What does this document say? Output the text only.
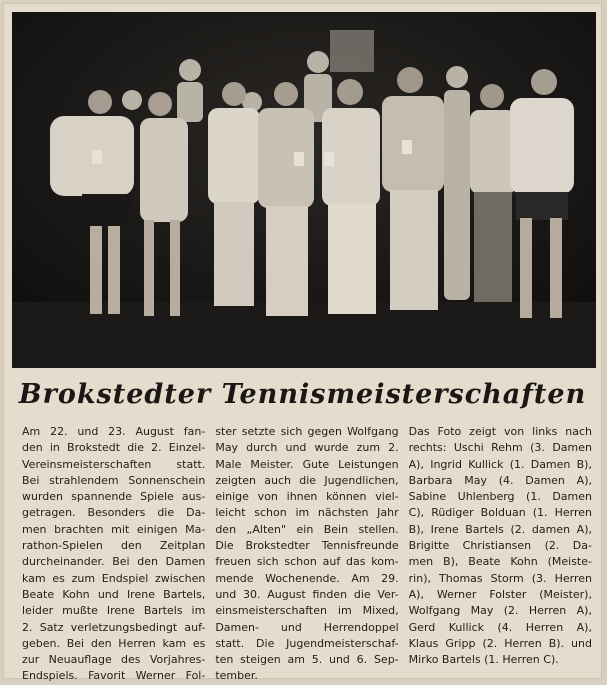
Brokstedter Tennismeisterschaften
Am 22. und 23. August fan-
den in Brokstedt die 2. Einzel-
Vereinsmeisterschaften statt.
Bei strahlendem Sonnenschein
wurden spannende Spiele aus-
getragen. Besonders die Da-
men brachten mit einigen Ma-
rathon-Spielen den Zeitplan
durcheinander. Bei den Damen
kam es zum Endspiel zwischen
Beate Kohn und Irene Bartels,
leider mußte Irene Bartels im
2. Satz verletzungsbedingt auf-
geben. Bei den Herren kam es
zur Neuauflage des Vorjahres-
Endspiels. Favorit Werner Fol-
ster setzte sich gegen Wolfgang
May durch und wurde zum 2.
Male Meister. Gute Leistungen
zeigten auch die Jugendlichen,
einige von ihnen können viel-
leicht schon im nächsten Jahr
den „Alten" ein Bein stellen.
Die Brokstedter Tennisfreunde
freuen sich schon auf das kom-
mende Wochenende. Am 29.
und 30. August finden die Ver-
einsmeisterschaften im Mixed,
Damen- und Herrendoppel
statt. Die Jugendmeisterschaf-
ten steigen am 5. und 6. Sep-
tember.
Das Foto zeigt von links nach
rechts: Uschi Rehm (3. Damen
A), Ingrid Kullick (1. Damen B),
Barbara May (4. Damen A),
Sabine Uhlenberg (1. Damen
C), Rüdiger Bolduan (1. Herren
B), Irene Bartels (2. damen A),
Brigitte Christiansen (2. Da-
men B), Beate Kohn (Meiste-
rin), Thomas Storm (3. Herren
A), Werner Folster (Meister),
Wolfgang May (2. Herren A),
Gerd Kullick (4. Herren A),
Klaus Gripp (2. Herren B). und
Mirko Bartels (1. Herren C).
